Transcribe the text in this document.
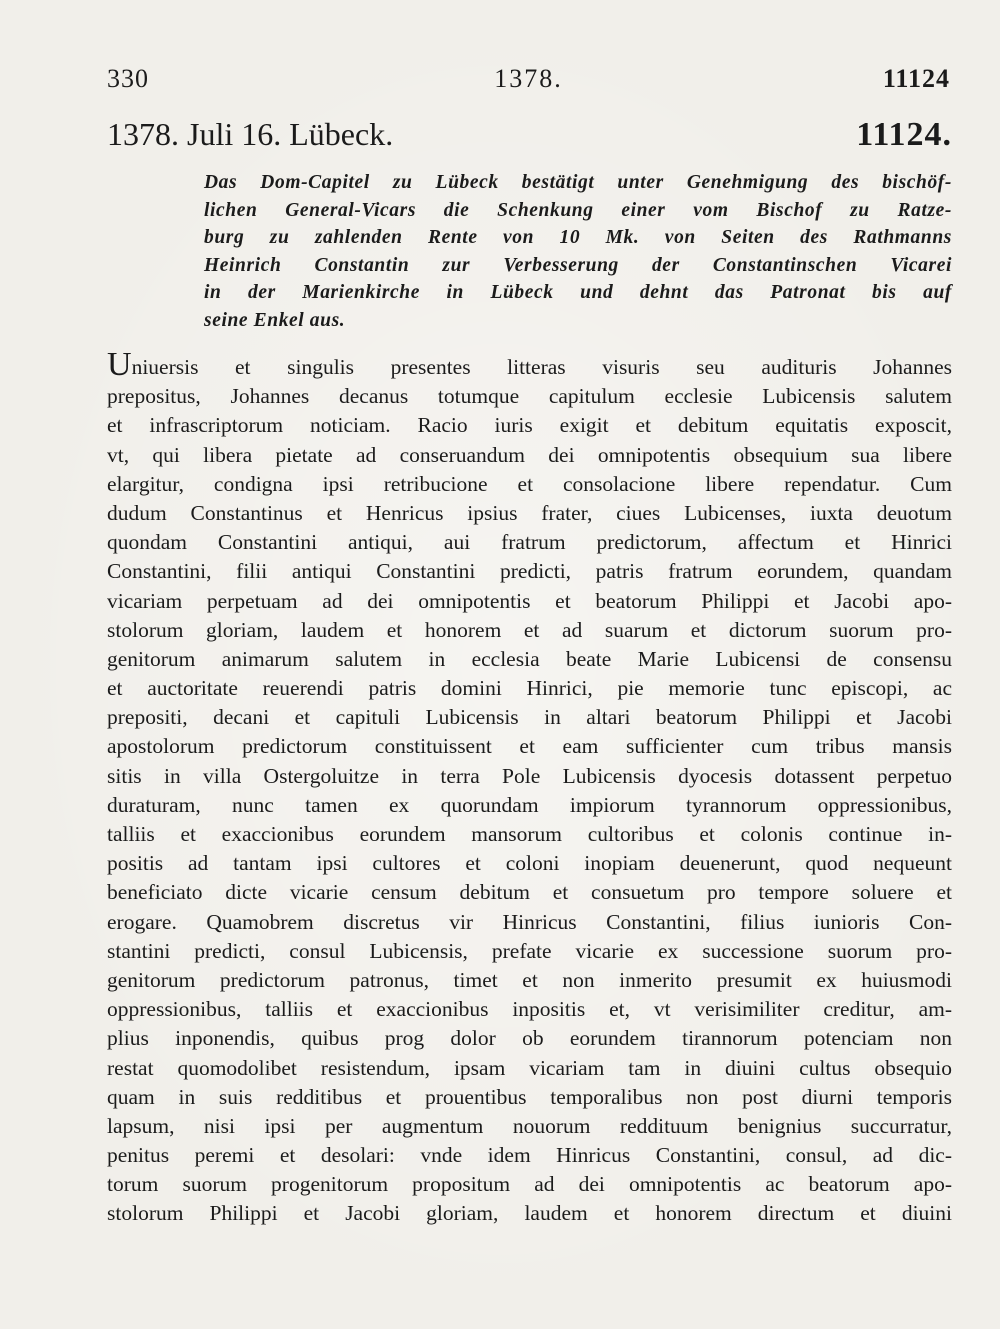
330	1378.	11124
1378. Juli 16. Lübeck.	11124.
Das Dom-Capitel zu Lübeck bestätigt unter Genehmigung des bischöf-
lichen General-Vicars die Schenkung einer vom Bischof zu Ratze-
burg zu zahlenden Rente von 10 Mk. von Seiten des Rathmanns
Heinrich Constantin zur Verbesserung der Constantinschen Vicarei
in der Marienkirche in Lübeck und dehnt das Patronat bis auf
seine Enkel aus.
Uniuersis et singulis presentes litteras visuris seu audituris Johannes
prepositus, Johannes decanus totumque capitulum ecclesie Lubicensis salutem
et infrascriptorum noticiam. Racio iuris exigit et debitum equitatis exposcit,
vt, qui libera pietate ad conseruandum dei omnipotentis obsequium sua libere
elargitur, condigna ipsi retribucione et consolacione libere rependatur. Cum
dudum Constantinus et Henricus ipsius frater, ciues Lubicenses, iuxta deuotum
quondam Constantini antiqui, aui fratrum predictorum, affectum et Hinrici
Constantini, filii antiqui Constantini predicti, patris fratrum eorundem, quandam
vicariam perpetuam ad dei omnipotentis et beatorum Philippi et Jacobi apo-
stolorum gloriam, laudem et honorem et ad suarum et dictorum suorum pro-
genitorum animarum salutem in ecclesia beate Marie Lubicensi de consensu
et auctoritate reuerendi patris domini Hinrici, pie memorie tunc episcopi, ac
prepositi, decani et capituli Lubicensis in altari beatorum Philippi et Jacobi
apostolorum predictorum constituissent et eam sufficienter cum tribus mansis
sitis in villa Ostergoluitze in terra Pole Lubicensis dyocesis dotassent perpetuo
duraturam, nunc tamen ex quorundam impiorum tyrannorum oppressionibus,
talliis et exaccionibus eorundem mansorum cultoribus et colonis continue in-
positis ad tantam ipsi cultores et coloni inopiam deuenerunt, quod nequeunt
beneficiato dicte vicarie censum debitum et consuetum pro tempore soluere et
erogare. Quamobrem discretus vir Hinricus Constantini, filius iunioris Con-
stantini predicti, consul Lubicensis, prefate vicarie ex successione suorum pro-
genitorum predictorum patronus, timet et non inmerito presumit ex huiusmodi
oppressionibus, talliis et exaccionibus inpositis et, vt verisimiliter creditur, am-
plius inponendis, quibus prog dolor ob eorundem tirannorum potenciam non
restat quomodolibet resistendum, ipsam vicariam tam in diuini cultus obsequio
quam in suis redditibus et prouentibus temporalibus non post diurni temporis
lapsum, nisi ipsi per augmentum nouorum reddituum benignius succurratur,
penitus peremi et desolari: vnde idem Hinricus Constantini, consul, ad dic-
torum suorum progenitorum propositum ad dei omnipotentis ac beatorum apo-
stolorum Philippi et Jacobi gloriam, laudem et honorem directum et diuini
